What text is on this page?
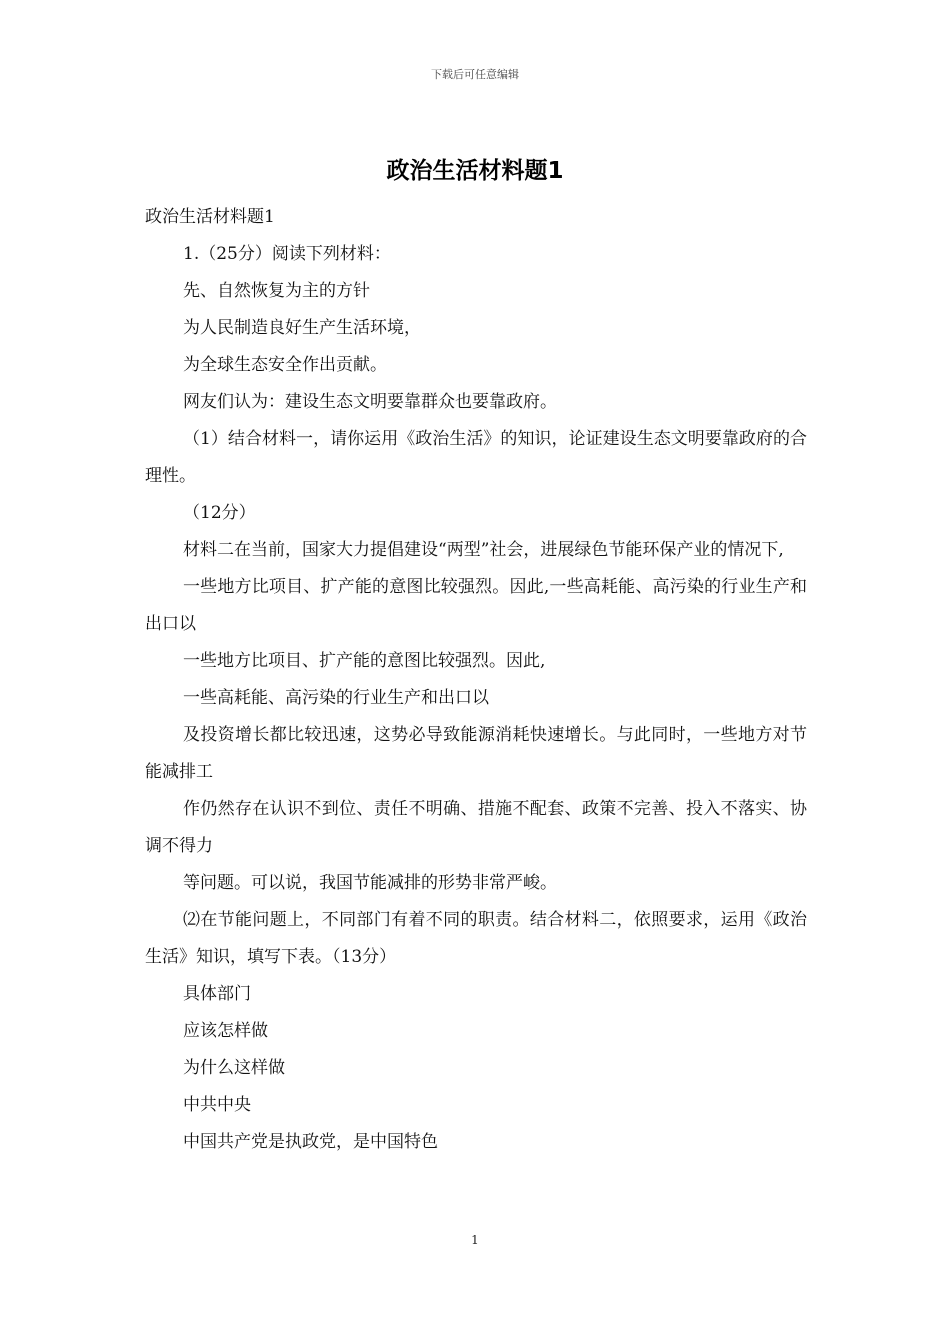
下载后可任意编辑
政治生活材料题1

政治生活材料题1

1.（25分）阅读下列材料：

先、自然恢复为主的方针

为人民制造良好生产生活环境，

为全球生态安全作出贡献。

网友们认为：建设生态文明要靠群众也要靠政府。

（1）结合材料一，请你运用《政治生活》的知识，论证建设生态文明要靠政府的合理性。

（12分）

材料二在当前，国家大力提倡建设“两型”社会，进展绿色节能环保产业的情况下,

一些地方比项目、扩产能的意图比较强烈。因此,一些高耗能、高污染的行业生产和出口以

一些地方比项目、扩产能的意图比较强烈。因此,

一些高耗能、高污染的行业生产和出口以

及投资增长都比较迅速，这势必导致能源消耗快速增长。与此同时，一些地方对节能减排工

作仍然存在认识不到位、责任不明确、措施不配套、政策不完善、投入不落实、协调不得力

等问题。可以说，我国节能减排的形势非常严峻。

⑵在节能问题上，不同部门有着不同的职责。结合材料二，依照要求，运用《政治生活》知识，填写下表。（13分）

具体部门

应该怎样做

为什么这样做

中共中央

中国共产党是执政党，是中国特色

1
